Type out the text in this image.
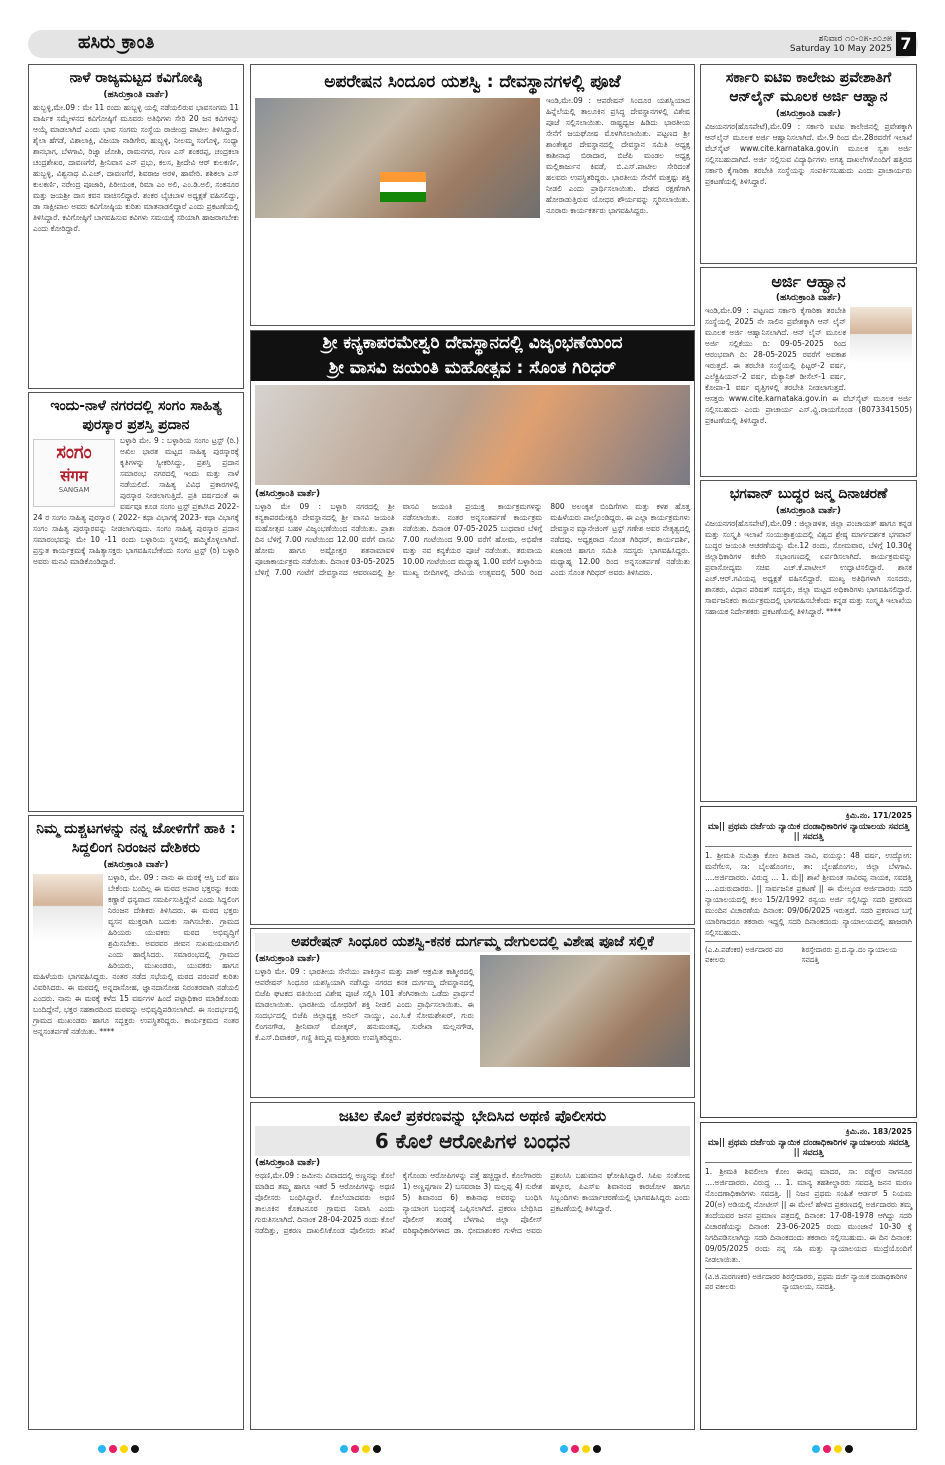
ಹಸಿರು ಕ್ರಾಂತಿ	ಶನಿವಾರ ೧೦-೦೫-೨೦೨೫
Saturday 10 May 2025 7
ನಾಳೆ ರಾಜ್ಯಮಟ್ಟದ ಕವಿಗೋಷ್ಠಿ
(ಹಸಿರುಕ್ರಾಂತಿ ವಾರ್ತೆ)
ಹುಬ್ಬಳ್ಳಿ,ಮೇ.09 : ಮೇ 11 ರಂದು ಹುಬ್ಬಳ್ಳಿ ಯಲ್ಲಿ ನಡೆಯಲಿರುವ ಭಾವಸಂಗಮ 11 ವಾರ್ಷಿಕ ಸಮ್ಮೇಳನದ ಕವಿಗೋಷ್ಠಿಗೆ ಮೂವರು ಅತಿಥಿಗಳು ಸೇರಿ 20 ಜನ ಕವಿಗಳನ್ನು ಆಯ್ಕೆ ಮಾಡಲಾಗಿದೆ ಎಂದು ಭಾವ ಸಂಗಮ ಸಂಸ್ಥೆಯ ರಾಜೀಂದ್ರ ಪಾಟೀಲ ತಿಳಿಸಿದ್ದಾರೆ. ಶೈಲಾ ಹೆಗಡೆ, ವಿಶಾಲಾಕ್ಷಿ, ವಿಜಯಾ ನಾಡಿಗೇರ, ಹುಬ್ಬಳ್ಳಿ, ನೀಲಮ್ಮ ಸಂಗೊಳ್ಳಿ, ಸಂಧ್ಯಾ ಶಾನಭಾಗ, ಬೆಳಗಾವಿ, ರಿಜ್ವಾ ಜೋಶಿ, ರಾಮನಗರ, ಗುಣ ಎಸ್ ಶಂಕರಪ್ಪ, ಚಂದ್ರಕಲಾ ಚಂದ್ರಶೇಖರ, ದಾವಣಗೆರೆ, ಶ್ರೀನಿವಾಸ ಎನ್ ಪ್ರಭು, ಕಲಸ, ಶ್ರೀದೇವಿ ಆರ್ ಕುಲಕರ್ಣಿ, ಹುಬ್ಬಳ್ಳಿ, ವಿಶ್ವನಾಥ ವಿ.ಎಚ್, ದಾವಣಗೆರೆ, ಶಿವರಾಜ ಅರಳಿ, ಹಾವೇರಿ. ಶಶಿಕಲಾ ಎಸ್ ಕುಲಕರ್ಣಿ, ನರೇಂದ್ರ ಪೂಜಾರಿ, ಪಿರೀಯಂಕ, ರಿಮಾ ಎಂ ಅಲಿ, ಎಂ.ಡಿ.ಅಲಿ, ಸಂಕನೂರ ಮತ್ತು ಜಯಶ್ರೀ ದಾಸ ಕವನ ವಾಚಿಸಲಿದ್ದಾರೆ. ಶಂಕರ ಬೈಚಬಾಳ ಅಧ್ಯಕ್ಷತೆ ವಹಿಸಲಿದ್ದು, ಡಾ ಸಾಕ್ಷೀಪಾಲ ಅವರು ಕವಿಗೋಷ್ಠಿಯ ಕುರಿತು ಮಾತನಾಡಲಿದ್ದಾರೆ ಎಂದು ಪ್ರಕಟಣೆಯಲ್ಲಿ ತಿಳಿಸಿದ್ದಾರೆ. ಕವಿಗೋಷ್ಠಿಗೆ ಬಾಗವಹಿಸುವ ಕವಿಗಳು ಸಮಯಕ್ಕೆ ಸರಿಯಾಗಿ ಹಾಜರಾಗಬೇಕು ಎಂದು ಕೋರಿದ್ದಾರೆ.
ಇಂದು-ನಾಳೆ ನಗರದಲ್ಲಿ ಸಂಗಂ ಸಾಹಿತ್ಯ ಪುರಸ್ಕಾರ ಪ್ರಶಸ್ತಿ ಪ್ರದಾನ
ಸಂಗಂ
संगम
SANGAM
ಬಳ್ಳಾರಿ ಮೇ. 9 : ಬಳ್ಳಾರಿಯ ಸಂಗಂ ಟ್ರಸ್ಟ್ (ರಿ.) ಅಖಿಲ ಭಾರತ ಮಟ್ಟದ ಸಾಹಿತ್ಯ ಪುರಸ್ಕಾರಕ್ಕೆ ಕೃತಿಗಳನ್ನು ಸ್ವೀಕರಿಸಿದ್ದು, ಪ್ರಶಸ್ತಿ ಪ್ರದಾನ ಸಮಾರಂಭ ನಗರದಲ್ಲಿ ಇಂದು ಮತ್ತು ನಾಳೆ ನಡೆಯಲಿದೆ. ಸಾಹಿತ್ಯ ವಿವಿಧ ಪ್ರಕಾರಗಳಲ್ಲಿ ಪುರಸ್ಕಾರ ನೀಡಲಾಗುತ್ತಿದೆ. ಪ್ರತಿ ವರ್ಷದಂತೆ ಈ ವರ್ಷವೂ ಕೂಡ ಸಂಗಂ ಟ್ರಸ್ಟ್ ಪ್ರಕಟಿಸಿದ 2022-24 ರ ಸಂಗಂ ಸಾಹಿತ್ಯ ಪುರಸ್ಕಾರ ( 2022- ಕಥಾ ವಿಭಾಗಕ್ಕೆ 2023- ಕಥಾ ವಿಭಾಗಕ್ಕೆ ಸಂಗಂ ಸಾಹಿತ್ಯ ಪುರಸ್ಕಾರವನ್ನು ನೀಡಲಾಗುವುದು. ಸಂಗಂ ಸಾಹಿತ್ಯ ಪುರಸ್ಕಾರ ಪ್ರದಾನ ಸಮಾರಂಭವನ್ನು ಮೇ 10 -11 ರಂದು ಬಳ್ಳಾರಿಯ ಸ್ಥಳದಲ್ಲಿ ಹಮ್ಮಿಕೊಳ್ಳಲಾಗಿದೆ. ಪ್ರಸ್ತುತ ಕಾರ್ಯಕ್ರಮಕ್ಕೆ ಸಾಹಿತ್ಯಾಸಕ್ತರು ಭಾಗವಹಿಸಬೇಕೆಂದು ಸಂಗಂ ಟ್ರಸ್ಟ್ (ರಿ) ಬಳ್ಳಾರಿ ಅವರು ಮನವಿ ಮಾಡಿಕೊಂಡಿದ್ದಾರೆ.
ನಿಮ್ಮ ದುಶ್ಚಟಗಳನ್ನು ನನ್ನ ಜೋಳಿಗೆಗೆ ಹಾಕಿ : ಸಿದ್ದಲಿಂಗ ನಿರಂಜನ ದೇಶಿಕರು
(ಹಸಿರುಕ್ರಾಂತಿ ವಾರ್ತೆ)
ಬಳ್ಳಾರಿ, ಮೇ. 09 : ನಾನು ಈ ಮಠಕ್ಕೆ ಆಸ್ತಿ ಬರೆ ಹಣ ಬೇಕೆಂದು ಬಂದಿಲ್ಲ ಈ ಮಠದ ಅಪಾರ ಭಕ್ತರನ್ನು ಕಂಡು ಕಣ್ಣಾರೆ ಧನ್ಯವಾದ ಸಮರ್ಪಿಸುತ್ತಿದ್ದೇನೆ ಎಂದು ಸಿದ್ದಲಿಂಗ ನಿರಂಜನ ದೇಶಿಕರು ತಿಳಿಸಿದರು. ಈ ಮಠದ ಭಕ್ತರು ವ್ಯಸನ ಮುಕ್ತರಾಗಿ ಬದುಕು ಸಾಗಿಸಬೇಕು. ಗ್ರಾಮದ ಹಿರಿಯರು ಯುವಕರು ಮಠದ ಅಭಿವೃದ್ಧಿಗೆ ಶ್ರಮಿಸಬೇಕು. ಅವರವರ ಜೀವನ ಸುಖಮಯವಾಗಲಿ ಎಂದು ಹಾರೈಸಿದರು. ಸಮಾರಂಭದಲ್ಲಿ ಗ್ರಾಮದ ಹಿರಿಯರು, ಮುಖಂಡರು, ಯುವಕರು ಹಾಗೂ ಮಹಿಳೆಯರು ಭಾಗವಹಿಸಿದ್ದರು. ನಂತರ ನಡೆದ ಸಭೆಯಲ್ಲಿ ಮಠದ ಪರಂಪರೆ ಕುರಿತು ವಿವರಿಸಿದರು. ಈ ಮಠದಲ್ಲಿ ಅನ್ನದಾಸೋಹ, ಜ್ಞಾನದಾಸೋಹ ನಿರಂತರವಾಗಿ ನಡೆಯಲಿ ಎಂದರು. ನಾನು ಈ ಮಠಕ್ಕೆ ಕಳೆದ 15 ವರ್ಷಗಳ ಹಿಂದೆ ಪಟ್ಟಾಧಿಕಾರ ಮಾಡಿಕೊಂಡು ಬಂದಿದ್ದೇನೆ, ಭಕ್ತರ ಸಹಕಾರದಿಂದ ಮಠವನ್ನು ಅಭಿವೃದ್ಧಿಪಡಿಸಲಾಗಿದೆ. ಈ ಸಂದರ್ಭದಲ್ಲಿ ಗ್ರಾಮದ ಮುಖಂಡರು ಹಾಗೂ ಸದ್ಭಕ್ತರು ಉಪಸ್ಥಿತರಿದ್ದರು. ಕಾರ್ಯಕ್ರಮದ ನಂತರ ಅನ್ನಸಂತರ್ಪಣೆ ನಡೆಯಿತು. ****
ಅಪರೇಷನ ಸಿಂದೂರ ಯಶಸ್ವಿ : ದೇವಸ್ಥಾನಗಳಲ್ಲಿ ಪೂಜೆ
ಇಂಡಿ,ಮೇ.09 : ಆಪರೇಷನ್ ಸಿಂದೂರ ಯಶಸ್ವಿಯಾದ ಹಿನ್ನೆಲೆಯಲ್ಲಿ ತಾಲೂಕಿನ ಪ್ರಸಿದ್ಧ ದೇವಸ್ಥಾನಗಳಲ್ಲಿ ವಿಶೇಷ ಪೂಜೆ ಸಲ್ಲಿಸಲಾಯಿತು. ರಾಷ್ಟ್ರಧ್ವಜ ಹಿಡಿದು ಭಾರತೀಯ ಸೇನೆಗೆ ಜಯಘೋಷ ಮೊಳಗಿಸಲಾಯಿತು. ಪಟ್ಟಣದ ಶ್ರೀ ಶಾಂತೇಶ್ವರ ದೇವಸ್ಥಾನದಲ್ಲಿ ದೇವಸ್ಥಾನ ಸಮಿತಿ ಅಧ್ಯಕ್ಷ ಕಾಶೀನಾಥ ಬಿರಾದಾರ, ಬಿಜೆಪಿ ಮಂಡಲ ಅಧ್ಯಕ್ಷ ಮಲ್ಲಿಕಾರ್ಜುನ ಕಿವಡೆ, ಬಿ.ಎಸ್.ಪಾಟೀಲ ಸೇರಿದಂತೆ ಹಲವರು ಉಪಸ್ಥಿತರಿದ್ದರು. ಭಾರತೀಯ ಸೇನೆಗೆ ಮತ್ತಷ್ಟು ಶಕ್ತಿ ನೀಡಲಿ ಎಂದು ಪ್ರಾರ್ಥಿಸಲಾಯಿತು. ದೇಶದ ರಕ್ಷಣೆಗಾಗಿ ಹೋರಾಡುತ್ತಿರುವ ಯೋಧರ ಶೌರ್ಯವನ್ನು ಸ್ಮರಿಸಲಾಯಿತು. ನೂರಾರು ಕಾರ್ಯಕರ್ತರು ಭಾಗವಹಿಸಿದ್ದರು.
ಶ್ರೀ ಕನ್ಯಕಾಪರಮೇಶ್ವರಿ ದೇವಸ್ಥಾನದಲ್ಲಿ ವಿಜೃಂಭಣೆಯಿಂದ
ಶ್ರೀ ವಾಸವಿ ಜಯಂತಿ ಮಹೋತ್ಸವ : ಸೊಂತ ಗಿರಿಧರ್
(ಹಸಿರುಕ್ರಾಂತಿ ವಾರ್ತೆ)
ಬಳ್ಳಾರಿ ಮೇ 09 : ಬಳ್ಳಾರಿ ನಗರದಲ್ಲಿ ಶ್ರೀ ಕನ್ಯಕಾಪರಮೇಶ್ವರಿ ದೇವಸ್ಥಾನದಲ್ಲಿ ಶ್ರೀ ವಾಸವಿ ಜಯಂತಿ ಮಹೋತ್ಸವ ಬಹಳ ವಿಜೃಂಭಣೆಯಿಂದ ನಡೆಯಿತು. ಪ್ರಾತಃ ದಿನ ಬೆಳಿಗ್ಗೆ 7.00 ಗಂಟೆಯಿಂದ 12.00 ವರೆಗೆ ವಾಸವಿ ಹೋಮ ಹಾಗೂ ಅಷ್ಟೋತ್ತರ ಶತನಾಮಾವಳಿ ಪೂಜಾಕಾರ್ಯಕ್ರಮ ನಡೆಯಿತು. ದಿನಾಂಕ 03-05-2025 ಬೆಳಿಗ್ಗೆ 7.00 ಗಂಟೆಗೆ ದೇವಸ್ಥಾನದ ಆವರಣದಲ್ಲಿ ಶ್ರೀ ವಾಸವಿ ಜಯಂತಿ ಪ್ರಯುಕ್ತ ಕಾರ್ಯಕ್ರಮಗಳನ್ನು ನಡೆಸಲಾಯಿತು. ನಂತರ ಅನ್ನಸಂತರ್ಪಣೆ ಕಾರ್ಯಕ್ರಮ ನಡೆಯಿತು. ದಿನಾಂಕ 07-05-2025 ಬುಧವಾರ ಬೆಳಿಗ್ಗೆ 7.00 ಗಂಟೆಯಿಂದ 9.00 ವರೆಗೆ ಹೋಮ, ಅಭಿಷೇಕ ಮತ್ತು ನವ ಕನ್ಯಕೆಯರ ಪೂಜೆ ನಡೆಯಿತು. ತರುವಾಯ 10.00 ಗಂಟೆಯಿಂದ ಮಧ್ಯಾಹ್ನ 1.00 ವರೆಗೆ ಬಳ್ಳಾರಿಯ ಮುಖ್ಯ ಬೀದಿಗಳಲ್ಲಿ ದೇವಿಯ ಉತ್ಸವದಲ್ಲಿ 500 ರಿಂದ 800 ಅಲಂಕೃತ ಬಿಂದಿಗೆಗಳು ಮತ್ತು ಕಳಶ ಹೊತ್ತ ಮಹಿಳೆಯರು ಪಾಲ್ಗೊಂಡಿದ್ದರು. ಈ ಎಲ್ಲಾ ಕಾರ್ಯಕ್ರಮಗಳು ದೇವಸ್ಥಾನ ಮ್ಯಾನೇಜಿಂಗ್ ಟ್ರಸ್ಟ್ ಗಣೇಶ ಅವರ ನೇತೃತ್ವದಲ್ಲಿ ನಡೆದವು. ಅಧ್ಯಕ್ಷರಾದ ಸೊಂತ ಗಿರಿಧರ್, ಕಾರ್ಯದರ್ಶಿ, ಖಜಾಂಚಿ ಹಾಗೂ ಸಮಿತಿ ಸದಸ್ಯರು ಭಾಗವಹಿಸಿದ್ದರು. ಮಧ್ಯಾಹ್ನ 12.00 ರಿಂದ ಅನ್ನಸಂತರ್ಪಣೆ ನಡೆಯಿತು ಎಂದು ಸೊಂತ ಗಿರಿಧರ್ ಅವರು ತಿಳಿಸಿದರು.
ಅಪರೇಷನ್ ಸಿಂಧೂರ ಯಶಸ್ವಿ-ಕನಕ ದುರ್ಗಮ್ಮ ದೇಗುಲದಲ್ಲಿ ವಿಶೇಷ ಪೂಜೆ ಸಲ್ಲಿಕೆ
(ಹಸಿರುಕ್ರಾಂತಿ ವಾರ್ತೆ)
ಬಳ್ಳಾರಿ ಮೇ. 09 : ಭಾರತೀಯ ಸೇನೆಯು ಪಾಕಿಸ್ತಾನ ಮತ್ತು ಪಾಕ್ ಆಕ್ರಮಿತ ಕಾಶ್ಮೀರದಲ್ಲಿ ಆಪರೇಷನ್ ಸಿಂಧೂರ ಯಶಸ್ವಿಯಾಗಿ ನಡೆಸಿದ್ದು ನಗರದ ಕನಕ ದುರ್ಗಮ್ಮ ದೇವಸ್ಥಾನದಲ್ಲಿ ಬಿಜೆಪಿ ಘಟಕದ ವತಿಯಿಂದ ವಿಶೇಷ ಪೂಜೆ ಸಲ್ಲಿಸಿ 101 ತೆಂಗಿನಕಾಯಿ ಒಡೆದು ಪ್ರಾರ್ಥನೆ ಮಾಡಲಾಯಿತು. ಭಾರತೀಯ ಯೋಧರಿಗೆ ಶಕ್ತಿ ನೀಡಲಿ ಎಂದು ಪ್ರಾರ್ಥಿಸಲಾಯಿತು. ಈ ಸಂದರ್ಭದಲ್ಲಿ ಬಿಜೆಪಿ ಜಿಲ್ಲಾಧ್ಯಕ್ಷ ಅನಿಲ್ ನಾಯ್ಡು, ಎಂ.ಸಿ.ಕೆ ಸೋಮಶೇಖರ್, ಗುರು ಲಿಂಗನಗೌಡ, ಶ್ರೀನಿವಾಸ್ ಮೋತ್ಕರ್, ಹನುಮಂತಪ್ಪ, ಸುರೇಖಾ ಮಲ್ಲನಗೌಡ, ಕೆ.ಎಸ್.ದಿವಾಕರ್, ಗಣ್ಣಿ ತಿಮ್ಮಪ್ಪ ಮತ್ತಿತರರು ಉಪಸ್ಥಿತರಿದ್ದರು.
ಜಟಿಲ ಕೊಲೆ ಪ್ರಕರಣವನ್ನು ಭೇದಿಸಿದ ಅಥಣಿ ಪೊಲೀಸರು
6 ಕೊಲೆ ಆರೋಪಿಗಳ ಬಂಧನ
(ಹಸಿರುಕ್ರಾಂತಿ ವಾರ್ತೆ)
ಅಥಣಿ,ಮೇ.09 : ಜಮೀನು ವಿವಾದದಲ್ಲಿ ಅಣ್ಣನನ್ನು ಕೊಲೆ ಮಾಡಿದ ತಮ್ಮ ಹಾಗೂ ಇತರೆ 5 ಆರೋಪಿಗಳನ್ನು ಅಥಣಿ ಪೊಲೀಸರು ಬಂಧಿಸಿದ್ದಾರೆ. ಕೊಲೆಯಾದವರು ಅಥಣಿ ತಾಲೂಕಿನ ಕೊಕಟನೂರ ಗ್ರಾಮದ ನಿವಾಸಿ ಎಂದು ಗುರುತಿಸಲಾಗಿದೆ. ದಿನಾಂಕ 28-04-2025 ರಂದು ಕೊಲೆ ನಡೆದಿತ್ತು, ಪ್ರಕರಣ ದಾಖಲಿಸಿಕೊಂಡ ಪೊಲೀಸರು ತನಿಖೆ ಕೈಗೊಂಡು ಆರೋಪಿಗಳನ್ನು ಪತ್ತೆ ಹಚ್ಚಿದ್ದಾರೆ. ಕೊಲೆಗಾರರು 1) ಅಣ್ಣಪ್ಪಗಾಣ 2) ಬಸವರಾಜ 3) ಮಲ್ಲಪ್ಪ 4) ಸುರೇಶ 5) ಶಿವಾನಂದ 6) ಕಾಶಿನಾಥ ಅವರನ್ನು ಬಂಧಿಸಿ ನ್ಯಾಯಾಂಗ ಬಂಧನಕ್ಕೆ ಒಪ್ಪಿಸಲಾಗಿದೆ. ಪ್ರಕರಣ ಬೇಧಿಸಿದ ಪೊಲೀಸ್ ತಂಡಕ್ಕೆ ಬೆಳಗಾವಿ ಜಿಲ್ಲಾ ಪೊಲೀಸ್ ವರಿಷ್ಠಾಧಿಕಾರಿಗಳಾದ ಡಾ. ಭೀಮಾಶಂಕರ ಗುಳೇದ ಅವರು ಪ್ರಶಂಸಿಸಿ ಬಹುಮಾನ ಘೋಷಿಸಿದ್ದಾರೆ. ಸಿಪಿಐ ಸಂತೋಷ ಹಳ್ಳೂರ, ಪಿಎಸ್‌ಐ ಶಿವಾನಂದ ಕಾರಜೋಳ ಹಾಗೂ ಸಿಬ್ಬಂದಿಗಳು ಕಾರ್ಯಾಚರಣೆಯಲ್ಲಿ ಭಾಗವಹಿಸಿದ್ದರು ಎಂದು ಪ್ರಕಟಣೆಯಲ್ಲಿ ತಿಳಿಸಿದ್ದಾರೆ.
ಸರ್ಕಾರಿ ಐಟಿಐ ಕಾಲೇಜು ಪ್ರವೇಶಾತಿಗೆ ಆನ್‌ಲೈನ್ ಮೂಲಕ ಅರ್ಜಿ ಆಹ್ವಾನ
(ಹಸಿರುಕ್ರಾಂತಿ ವಾರ್ತೆ)
ವಿಜಯನಗರ(ಹೊಸಪೇಟೆ),ಮೇ.09 : ಸರ್ಕಾರಿ ಐಟಿಐ ಕಾಲೇಜಿನಲ್ಲಿ ಪ್ರವೇಶಕ್ಕಾಗಿ ಆನ್‌ಲೈನ್ ಮೂಲಕ ಅರ್ಜಿ ಆಹ್ವಾನಿಸಲಾಗಿದೆ. ಮೇ.9 ರಿಂದ ಮೇ.28ರವರೆಗೆ ಇಲಾಖೆ ವೆಬ್‌ಸೈಟ್ www.cite.karnataka.gov.in ಮೂಲಕ ಸ್ವತಃ ಅರ್ಜಿ ಸಲ್ಲಿಸಬಹುದಾಗಿದೆ. ಅರ್ಜಿ ಸಲ್ಲಿಸುವ ವಿದ್ಯಾರ್ಥಿಗಳು ಅಗತ್ಯ ದಾಖಲೆಗಳೊಂದಿಗೆ ಹತ್ತಿರದ ಸರ್ಕಾರಿ ಕೈಗಾರಿಕಾ ತರಬೇತಿ ಸಂಸ್ಥೆಯನ್ನು ಸಂಪರ್ಕಿಸಬಹುದು ಎಂದು ಪ್ರಾಚಾರ್ಯರು ಪ್ರಕಟಣೆಯಲ್ಲಿ ತಿಳಿಸಿದ್ದಾರೆ.
ಅರ್ಜಿ ಆಹ್ವಾನ
(ಹಸಿರುಕ್ರಾಂತಿ ವಾರ್ತೆ)
ಇಂಡಿ,ಮೇ.09 : ಪಟ್ಟಣದ ಸರ್ಕಾರಿ ಕೈಗಾರಿಕಾ ತರಬೇತಿ ಸಂಸ್ಥೆಯಲ್ಲಿ 2025 ನೇ ಸಾಲಿನ ಪ್ರವೇಶಕ್ಕಾಗಿ ಆನ್ ಲೈನ್ ಮೂಲಕ ಅರ್ಜಿ ಆಹ್ವಾನಿಸಲಾಗಿದೆ. ಆನ್ ಲೈನ್ ಮೂಲಕ ಅರ್ಜಿ ಸಲ್ಲಿಕೆಯು ದಿ: 09-05-2025 ರಿಂದ ಆರಂಭವಾಗಿ ದಿ: 28-05-2025 ರವರೆಗೆ ಅವಕಾಶ ಇರುತ್ತದೆ. ಈ ತರಬೇತಿ ಸಂಸ್ಥೆಯಲ್ಲಿ ಫಿಟ್ಟರ್-2 ವರ್ಷ, ಎಲೆಕ್ಟ್ರಿಷಿಯನ್-2 ವರ್ಷ, ಮೆಕ್ಯಾನಿಕ್ ಡೀಸೆಲ್-1 ವರ್ಷ, ಕೋಪಾ-1 ವರ್ಷ ವೃತ್ತಿಗಳಲ್ಲಿ ತರಬೇತಿ ನೀಡಲಾಗುತ್ತದೆ. ಆಸಕ್ತರು www.cite.karnataka.gov.in ಈ ವೆಬ್‌ಸೈಟ್ ಮೂಲಕ ಅರ್ಜಿ ಸಲ್ಲಿಸಬಹುದು ಎಂದು ಪ್ರಾಚಾರ್ಯ ಎಸ್.ವ್ಹಿ.ರಾಯಗೊಂಡ (8073341505) ಪ್ರಕಟಣೆಯಲ್ಲಿ ತಿಳಿಸಿದ್ದಾರೆ.
ಭಗವಾನ್ ಬುದ್ಧರ ಜನ್ಮ ದಿನಾಚರಣೆ
(ಹಸಿರುಕ್ರಾಂತಿ ವಾರ್ತೆ)
ವಿಜಯನಗರ(ಹೊಸಪೇಟೆ),ಮೇ.09 : ಜಿಲ್ಲಾಡಳಿತ, ಜಿಲ್ಲಾ ಪಂಚಾಯತ್ ಹಾಗೂ ಕನ್ನಡ ಮತ್ತು ಸಂಸ್ಕೃತಿ ಇಲಾಖೆ ಸಂಯುಕ್ತಾಶ್ರಯದಲ್ಲಿ ವಿಶ್ವದ ಶ್ರೇಷ್ಠ ಮಾರ್ಗದರ್ಶಕ ಭಗವಾನ್ ಬುದ್ಧರ ಜಯಂತಿ ಆಚರಣೆಯನ್ನು ಮೇ.12 ರಂದು, ಸೋಮವಾರ, ಬೆಳಿಗ್ಗೆ 10.30ಕ್ಕೆ ಜಿಲ್ಲಾಧಿಕಾರಿಗಳ ಕಚೇರಿ ಸಭಾಂಗಣದಲ್ಲಿ ಏರ್ಪಡಿಸಲಾಗಿದೆ. ಕಾರ್ಯಕ್ರಮವನ್ನು ಪ್ರವಾಸೋದ್ಯಮ ಸಚಿವ ಎಚ್.ಕೆ.ಪಾಟೀಲ್ ಉದ್ಘಾಟಿಸಲಿದ್ದಾರೆ. ಶಾಸಕ ಎಚ್.ಆರ್.ಗವಿಯಪ್ಪ ಅಧ್ಯಕ್ಷತೆ ವಹಿಸಲಿದ್ದಾರೆ. ಮುಖ್ಯ ಅತಿಥಿಗಳಾಗಿ ಸಂಸದರು, ಶಾಸಕರು, ವಿಧಾನ ಪರಿಷತ್ ಸದಸ್ಯರು, ಜಿಲ್ಲಾ ಮಟ್ಟದ ಅಧಿಕಾರಿಗಳು ಭಾಗವಹಿಸಲಿದ್ದಾರೆ. ಸಾರ್ವಜನಿಕರು ಕಾರ್ಯಕ್ರಮದಲ್ಲಿ ಭಾಗವಹಿಸಬೇಕೆಂದು ಕನ್ನಡ ಮತ್ತು ಸಂಸ್ಕೃತಿ ಇಲಾಖೆಯ ಸಹಾಯಕ ನಿರ್ದೇಶಕರು ಪ್ರಕಟಣೆಯಲ್ಲಿ ತಿಳಿಸಿದ್ದಾರೆ. ****
ಕ್ರಿಮಿ.ನಂ. 171/2025
ಮಾ|| ಪ್ರಥಮ ದರ್ಜೆಯ ನ್ಯಾಯಿಕ ದಂಡಾಧಿಕಾರಿಗಳ ನ್ಯಾಯಾಲಯ ಸವದತ್ತಿ || ಸವದತ್ತಿ
1. ಶ್ರೀಮತಿ ಸುಮಿತ್ರಾ ಕೋಂ ಶಿವಾಜಿ ನಾವಿ, ವಯಸ್ಸು: 48 ವರ್ಷ, ಉದ್ಯೋಗ: ಮನೆಗೆಲಸ, ಸಾ: ಬೈಲಹೊಂಗಲ, ತಾ: ಬೈಲಹೊಂಗಲ, ಜಿಲ್ಲಾ ಬೆಳಗಾವಿ. ....ಅರ್ಜಿದಾರರು. ವಿರುದ್ಧ ... 1. ಮೆ|| ಶಾಖೆ ಶ್ರೀಮಂತ ಸಾವಿರಪ್ಪ ನಾಯಕ, ಸವದತ್ತಿ ....ಎದುರುದಾರರು. || ಸಾರ್ವಜನಿಕ ಪ್ರಕಟಣೆ || ಈ ಮೇಲ್ಕಂಡ ಅರ್ಜಿದಾರರು ಸದರಿ ನ್ಯಾಯಾಲಯದಲ್ಲಿ ಕಲಂ 15/2/1992 ರನ್ವಯ ಅರ್ಜಿ ಸಲ್ಲಿಸಿದ್ದು ಸದರಿ ಪ್ರಕರಣದ ಮುಂದಿನ ವಿಚಾರಣೆಯ ದಿನಾಂಕ: 09/06/2025 ಇರುತ್ತದೆ. ಸದರಿ ಪ್ರಕರಣದ ಬಗ್ಗೆ ಯಾರಿಗಾದರೂ ತಕರಾರು ಇದ್ದಲ್ಲಿ ಸದರಿ ದಿನಾಂಕದಂದು ನ್ಯಾಯಾಲಯದಲ್ಲಿ ಹಾಜರಾಗಿ ಸಲ್ಲಿಸಬಹುದು.
(ಎ.ಪಿ.ಪಡೆಂಕರ) ಅರ್ಜಿದಾರರ ಪರ ವಕೀಲರು
ಶಿರಸ್ತೇದಾರರು ಪ್ರ.ದ.ನ್ಯಾ.ದಂ ನ್ಯಾಯಾಲಯ ಸವದತ್ತಿ
ಕ್ರಿಮಿ.ನಂ. 183/2025
ಮಾ|| ಪ್ರಥಮ ದರ್ಜೆಯ ನ್ಯಾಯಿಕ ದಂಡಾಧಿಕಾರಿಗಳ ನ್ಯಾಯಾಲಯ ಸವದತ್ತಿ || ಸವದತ್ತಿ
1. ಶ್ರೀಮತಿ ಶಿವಲೀಲಾ ಕೋಂ ಈರಪ್ಪ ಮಾದರ, ಸಾ: ರಡ್ಡೇರ ನಾಗನೂರ ....ಅರ್ಜಿದಾರರು. ವಿರುದ್ಧ ... 1. ಮಾನ್ಯ ತಹಶೀಲ್ದಾರರು ಸವದತ್ತಿ ಜನನ ಮರಣ ನೊಂದಣಾಧಿಕಾರಿಗಳು ಸವದತ್ತಿ. || ನಿಜನ ಪ್ರಥಮ ಸಂಹಿತೆ ಆರ್ಡರ್ 5 ನಿಯಮ 20(ಅ) ಅಡಿಯಲ್ಲಿ ನೋಟೀಸ್ || ಈ ಮೇಲೆ ಹೇಳಿದ ಪ್ರಕರಣದಲ್ಲಿ ಅರ್ಜಿದಾರರು ತಮ್ಮ ತಂದೆಯವರ ಜನನ ಪ್ರಮಾಣ ಪತ್ರದಲ್ಲಿ ದಿನಾಂಕ: 17-08-1978 ಆಗಿದ್ದು ಸದರಿ ವಿಚಾರಣೆಯನ್ನು ದಿನಾಂಕ: 23-06-2025 ರಂದು ಮುಂಜಾನೆ 10-30 ಕ್ಕೆ ನಿಗದಿಪಡಿಸಲಾಗಿದ್ದು ಸದರಿ ದಿನಾಂಕದಂದು ತಕರಾರು ಸಲ್ಲಿಸಬಹುದು. ಈ ದಿನ ದಿನಾಂಕ: 09/05/2025 ರಂದು ನನ್ನ ಸಹಿ ಮತ್ತು ನ್ಯಾಯಾಲಯದ ಮುದ್ರೆಯೊಂದಿಗೆ ನೀಡಲಾಯಿತು.
(ವಿ.ಜಿ.ಮರಗಣಕರ) ಅರ್ಜಿದಾರರ ಪರ ವಕೀಲರು
ಶಿರಸ್ತೇದಾರರು, ಪ್ರಥಮ ದರ್ಜೆ ನ್ಯಾಯಿಕ ದಂಡಾಧಿಕಾರಿಗಳ ನ್ಯಾಯಾಲಯ, ಸವದತ್ತಿ.
